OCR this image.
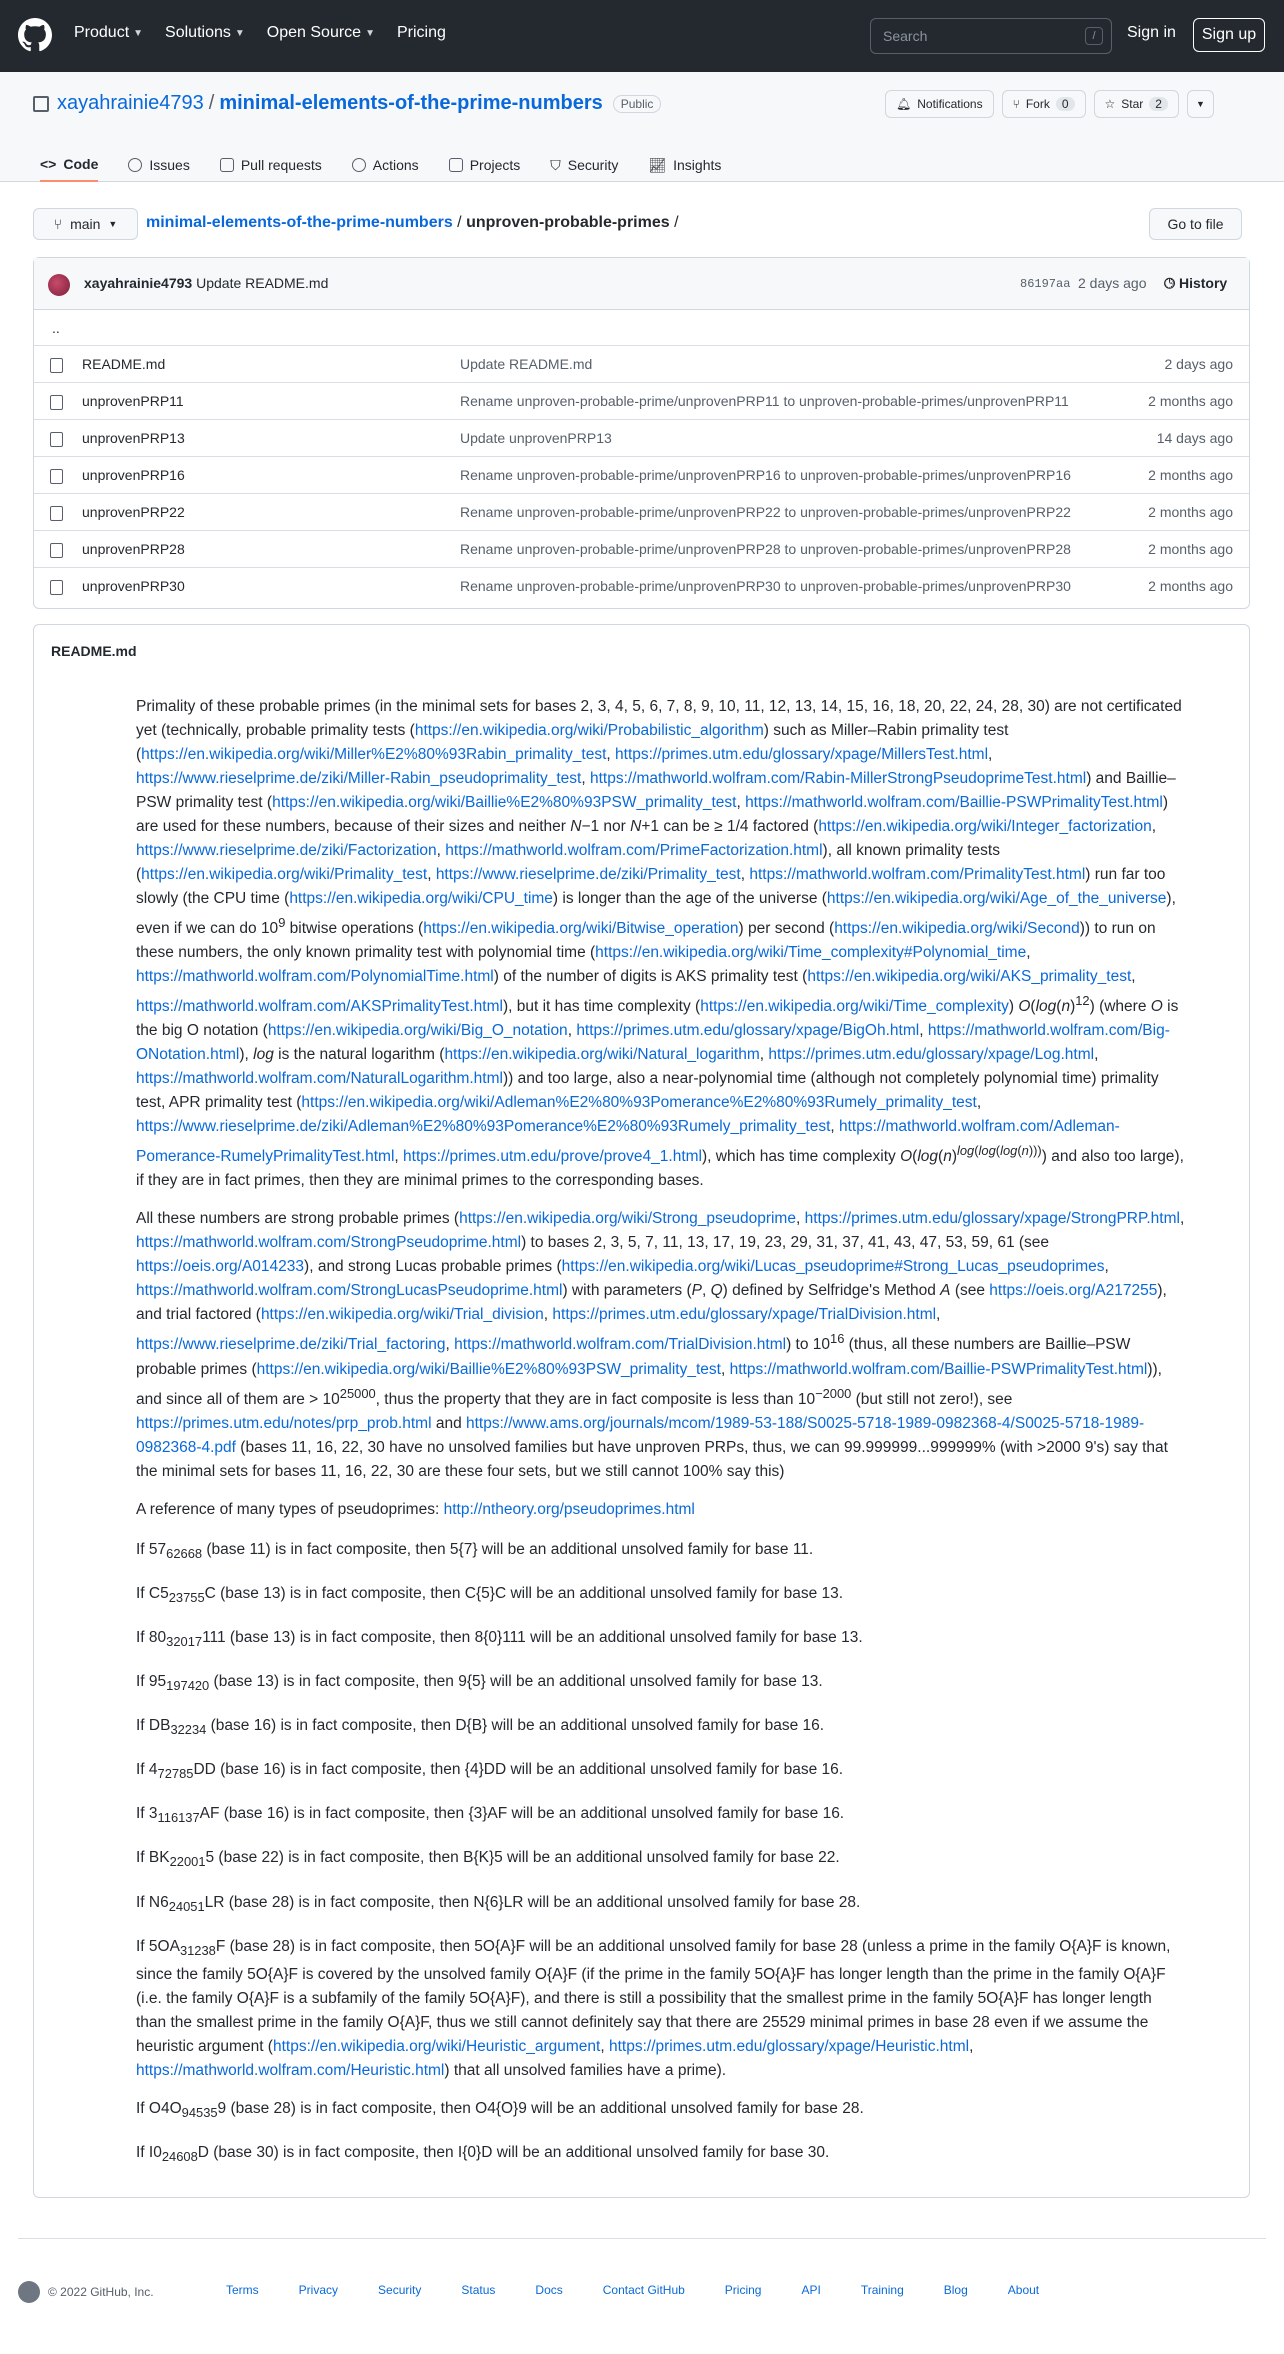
Product ▼ Solutions ▼ Open Source ▼ Pricing	Search	/	Sign in	Sign up
xayahrainie4793 / minimal-elements-of-the-prime-numbers	Public	🔔︎ Notifications	⑂ Fork	0	☆ Star	2	▼
<> Code	Issues	Pull requests	Actions	Projects ⛉ Security 📈︎ Insights
⑂ main ▼ minimal-elements-of-the-prime-numbers / unproven-probable-primes /	Go to file
xayahrainie4793 Update README.md	86197aa 2 days ago 🕒︎ History
..
README.md	Update README.md	2 days ago
unprovenPRP11	Rename unproven-probable-prime/unprovenPRP11 to unproven-probable-primes/unprovenPRP11	2 months ago
unprovenPRP13	Update unprovenPRP13	14 days ago
unprovenPRP16	Rename unproven-probable-prime/unprovenPRP16 to unproven-probable-primes/unprovenPRP16	2 months ago
unprovenPRP22	Rename unproven-probable-prime/unprovenPRP22 to unproven-probable-primes/unprovenPRP22	2 months ago
unprovenPRP28	Rename unproven-probable-prime/unprovenPRP28 to unproven-probable-primes/unprovenPRP28	2 months ago
unprovenPRP30	Rename unproven-probable-prime/unprovenPRP30 to unproven-probable-primes/unprovenPRP30	2 months ago
README.md

Primality of these probable primes (in the minimal sets for bases 2, 3, 4, 5, 6, 7, 8, 9, 10, 11, 12, 13, 14, 15, 16, 18, 20, 22, 24, 28, 30) are not certificated yet (technically, probable primality tests (https://en.wikipedia.org/wiki/Probabilistic_algorithm) such as Miller–Rabin primality test (https://en.wikipedia.org/wiki/Miller%E2%80%93Rabin_primality_test, https://primes.utm.edu/glossary/xpage/MillersTest.html, https://www.rieselprime.de/ziki/Miller-Rabin_pseudoprimality_test, https://mathworld.wolfram.com/Rabin-MillerStrongPseudoprimeTest.html) and Baillie–PSW primality test (https://en.wikipedia.org/wiki/Baillie%E2%80%93PSW_primality_test, https://mathworld.wolfram.com/Baillie-PSWPrimalityTest.html) are used for these numbers, because of their sizes and neither N−1 nor N+1 can be ≥ 1/4 factored (https://en.wikipedia.org/wiki/Integer_factorization, https://www.rieselprime.de/ziki/Factorization, https://mathworld.wolfram.com/PrimeFactorization.html), all known primality tests (https://en.wikipedia.org/wiki/Primality_test, https://www.rieselprime.de/ziki/Primality_test, https://mathworld.wolfram.com/PrimalityTest.html) run far too slowly (the CPU time (https://en.wikipedia.org/wiki/CPU_time) is longer than the age of the universe (https://en.wikipedia.org/wiki/Age_of_the_universe), even if we can do $10^9$ bitwise operations (https://en.wikipedia.org/wiki/Bitwise_operation) per second (https://en.wikipedia.org/wiki/Second)) to run on these numbers, the only known primality test with polynomial time (https://en.wikipedia.org/wiki/Time_complexity#Polynomial_time, https://mathworld.wolfram.com/PolynomialTime.html) of the number of digits is AKS primality test (https://en.wikipedia.org/wiki/AKS_primality_test, https://mathworld.wolfram.com/AKSPrimalityTest.html), but it has time complexity (https://en.wikipedia.org/wiki/Time_complexity) $O(\log(n)^{12})$ (where O is the big O notation (https://en.wikipedia.org/wiki/Big_O_notation, https://primes.utm.edu/glossary/xpage/BigOh.html, https://mathworld.wolfram.com/Big-ONotation.html), log is the natural logarithm (https://en.wikipedia.org/wiki/Natural_logarithm, https://primes.utm.edu/glossary/xpage/Log.html, https://mathworld.wolfram.com/NaturalLogarithm.html)) and too large, also a near-polynomial time (although not completely polynomial time) primality test, APR primality test (https://en.wikipedia.org/wiki/Adleman%E2%80%93Pomerance%E2%80%93Rumely_primality_test, https://www.rieselprime.de/ziki/Adleman%E2%80%93Pomerance%E2%80%93Rumely_primality_test, https://mathworld.wolfram.com/Adleman-Pomerance-RumelyPrimalityTest.html, https://primes.utm.edu/prove/prove4_1.html), which has time complexity $O(\log(n)^{log(log(log(n)))})$ and also too large), if they are in fact primes, then they are minimal primes to the corresponding bases.

All these numbers are strong probable primes (https://en.wikipedia.org/wiki/Strong_pseudoprime, https://primes.utm.edu/glossary/xpage/StrongPRP.html, https://mathworld.wolfram.com/StrongPseudoprime.html) to bases 2, 3, 5, 7, 11, 13, 17, 19, 23, 29, 31, 37, 41, 43, 47, 53, 59, 61 (see https://oeis.org/A014233), and strong Lucas probable primes (https://en.wikipedia.org/wiki/Lucas_pseudoprime#Strong_Lucas_pseudoprimes, https://mathworld.wolfram.com/StrongLucasPseudoprime.html) with parameters (P, Q) defined by Selfridge's Method A (see https://oeis.org/A217255), and trial factored (https://en.wikipedia.org/wiki/Trial_division, https://primes.utm.edu/glossary/xpage/TrialDivision.html, https://www.rieselprime.de/ziki/Trial_factoring, https://mathworld.wolfram.com/TrialDivision.html) to $10^{16}$ (thus, all these numbers are Baillie–PSW probable primes (https://en.wikipedia.org/wiki/Baillie%E2%80%93PSW_primality_test, https://mathworld.wolfram.com/Baillie-PSWPrimalityTest.html)), and since all of them are > $10^{25000}$, thus the property that they are in fact composite is less than $10^{-2000}$ (but still not zero!), see https://primes.utm.edu/notes/prp_prob.html and https://www.ams.org/journals/mcom/1989-53-188/S0025-5718-1989-0982368-4/S0025-5718-1989-0982368-4.pdf (bases 11, 16, 22, 30 have no unsolved families but have unproven PRPs, thus, we can 99.999999...999999% (with >2000 9's) say that the minimal sets for bases 11, 16, 22, 30 are these four sets, but we still cannot 100% say this)

A reference of many types of pseudoprimes: http://ntheory.org/pseudoprimes.html

If $57_{62668}$ (base 11) is in fact composite, then 5{7} will be an additional unsolved family for base 11.

If $C5_{23755}C$ (base 13) is in fact composite, then C{5}C will be an additional unsolved family for base 13.

If $80_{32017}111$ (base 13) is in fact composite, then 8{0}111 will be an additional unsolved family for base 13.

If $95_{197420}$ (base 13) is in fact composite, then 9{5} will be an additional unsolved family for base 13.

If $DB_{32234}$ (base 16) is in fact composite, then D{B} will be an additional unsolved family for base 16.

If $4_{72785}DD$ (base 16) is in fact composite, then {4}DD will be an additional unsolved family for base 16.

If $3_{116137}AF$ (base 16) is in fact composite, then {3}AF will be an additional unsolved family for base 16.

If $BK_{22001}5$ (base 22) is in fact composite, then B{K}5 will be an additional unsolved family for base 22.

If $N6_{24051}LR$ (base 28) is in fact composite, then N{6}LR will be an additional unsolved family for base 28.

If $5OA_{31238}F$ (base 28) is in fact composite, then 5O{A}F will be an additional unsolved family for base 28 (unless a prime in the family O{A}F is known, since the family 5O{A}F is covered by the unsolved family O{A}F (if the prime in the family 5O{A}F has longer length than the prime in the family O{A}F (i.e. the family O{A}F is a subfamily of the family 5O{A}F), and there is still a possibility that the smallest prime in the family 5O{A}F has longer length than the smallest prime in the family O{A}F, thus we still cannot definitely say that there are 25529 minimal primes in base 28 even if we assume the heuristic argument (https://en.wikipedia.org/wiki/Heuristic_argument, https://primes.utm.edu/glossary/xpage/Heuristic.html, https://mathworld.wolfram.com/Heuristic.html) that all unsolved families have a prime).

If $O4O_{94535}9$ (base 28) is in fact composite, then O4{O}9 will be an additional unsolved family for base 28.

If $I0_{24608}D$ (base 30) is in fact composite, then I{0}D will be an additional unsolved family for base 30.

© 2022 GitHub, Inc.	Terms	Privacy	Security	Status	Docs	Contact GitHub	Pricing	API	Training	Blog	About
